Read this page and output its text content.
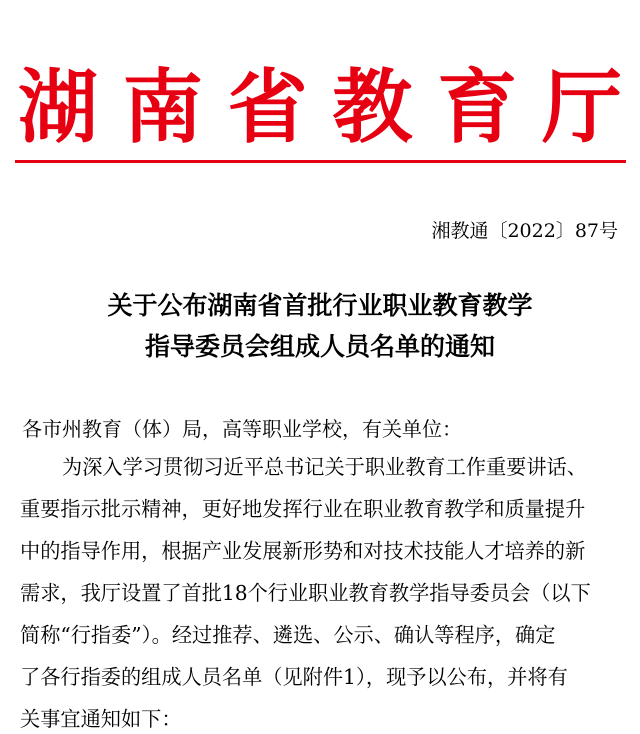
湖 南 省 教 育 厅
湘教通〔2022〕87号
关于公布湖南省首批行业职业教育教学
指导委员会组成人员名单的通知
各市州教育（体）局，高等职业学校，有关单位：
为深入学习贯彻习近平总书记关于职业教育工作重要讲话、
重要指示批示精神，更好地发挥行业在职业教育教学和质量提升
中的指导作用，根据产业发展新形势和对技术技能人才培养的新
需求，我厅设置了首批18个行业职业教育教学指导委员会（以下
简称“行指委”）。经过推荐、遴选、公示、确认等程序，确定
了各行指委的组成人员名单（见附件1），现予以公布，并将有
关事宜通知如下：
